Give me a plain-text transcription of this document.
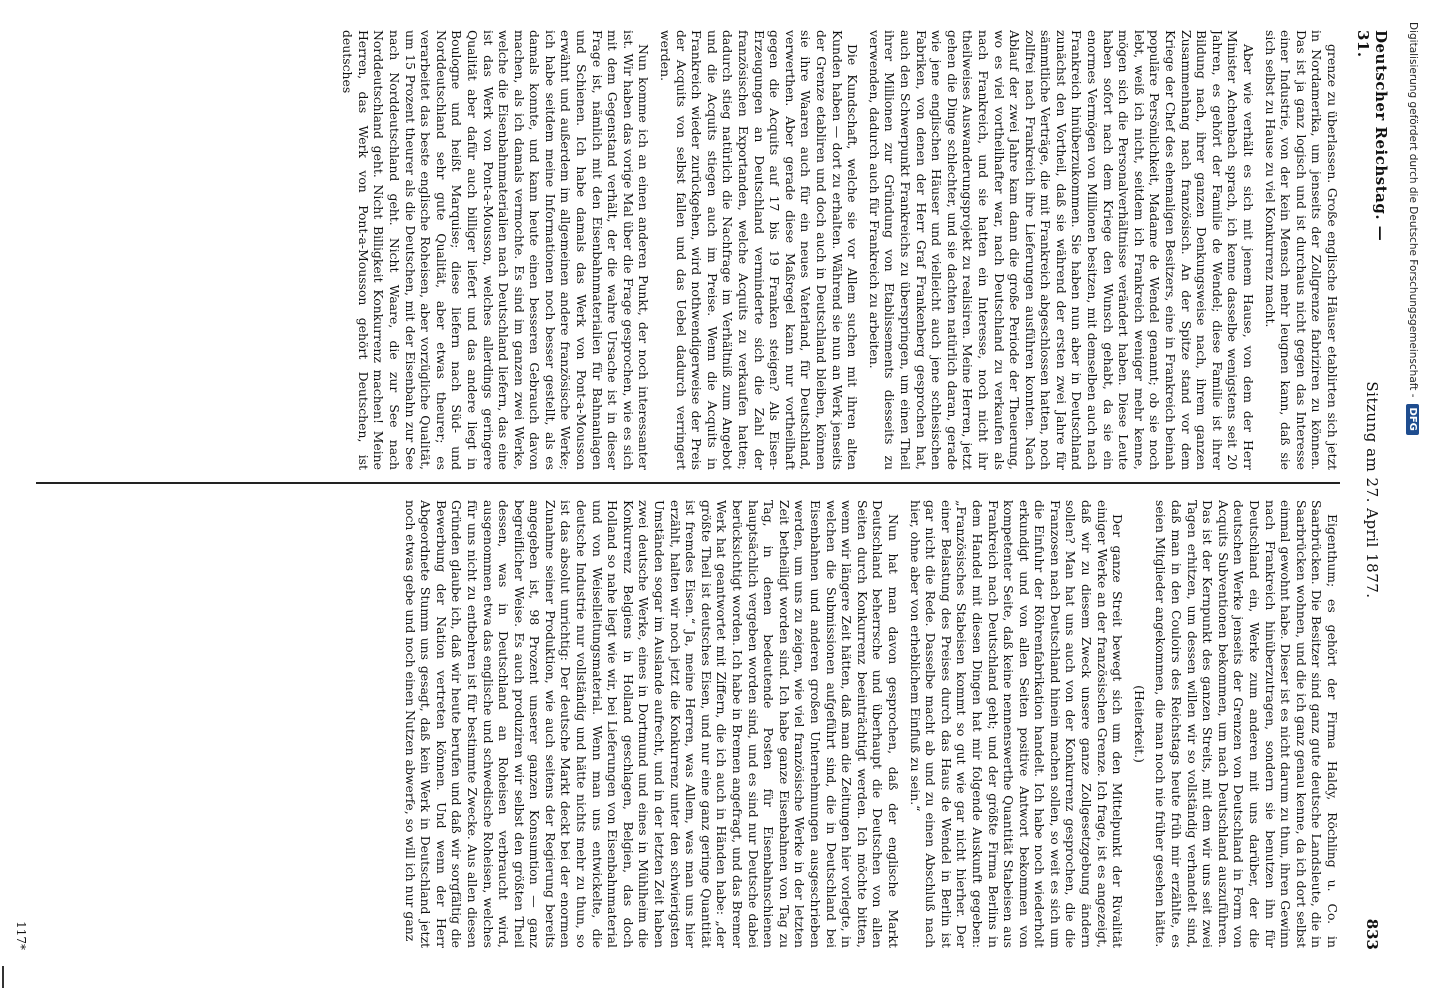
Deutscher Reichstag. — 31.
Sitzung am 27. April 1877.
833

grenze zu überlassen. Große englische Häuser etablirten sich jetzt in Nordamerika, um jenseits der Zollgrenze fabriziren zu können. Das ist ja ganz logisch und ist durchaus nicht gegen das Interesse einer Industrie, von der kein Mensch mehr leugnen kann, daß sie sich selbst zu Hause zu viel Konkurrenz macht.

Aber wie verhält es sich mit jenem Hause, von dem der Herr Minister Achenbach sprach, ich kenne dasselbe wenigstens seit 20 Jahren, es gehört der Familie de Wendel; diese Familie ist ihrer Bildung nach, ihrer ganzen Denkungsweise nach, ihrem ganzen Zusammenhang nach französisch. An der Spitze stand vor dem Kriege der Chef des ehemaligen Besitzers, eine in Frankreich beinah populäre Persönlichkeit, Madame de Wendel genannt; ob sie noch lebt, weiß ich nicht, seitdem ich Frankreich weniger mehr kenne, mögen sich die Personalverhältnisse verändert haben. Diese Leute haben sofort nach dem Kriege den Wunsch gehabt, da sie ein enormes Vermögen von Millionen besitzen, mit demselben auch nach Frankreich hinüberzukommen. Sie haben nun aber in Deutschland zunächst den Vortheil, daß sie während der ersten zwei Jahre für sämmtliche Verträge, die mit Frankreich abgeschlossen hatten, noch zollfrei nach Frankreich ihre Lieferungen ausführen konnten. Nach Ablauf der zwei Jahre kam dann die große Periode der Theuerung, wo es viel vortheilhafter war, nach Deutschland zu verkaufen als nach Frankreich, und sie hatten ein Interesse, noch nicht ihr theilweises Auswanderungsprojekt zu realisiren. Meine Herren, jetzt gehen die Dinge schlechter, und sie dachten natürlich daran, gerade wie jene englischen Häuser und vielleicht auch jene schlesischen Fabriken, von denen der Herr Graf Frankenberg gesprochen hat, auch den Schwerpunkt Frankreichs zu überspringen, um einen Theil ihrer Millionen zur Gründung von Etablissements diesseits zu verwenden, dadurch auch für Frankreich zu arbeiten.

Die Kundschaft, welche sie vor Allem suchen mit ihren alten Kunden haben — dort zu erhalten. Während sie nun an Werk jenseits der Grenze etabliren und doch auch in Deutschland bleiben, können sie ihre Waaren auch für ein neues Vaterland, für Deutschland, verwerthen. Aber gerade diese Maßregel kann nur vortheilhaft gegen die Acquits auf 17 bis 19 Franken steigen? Als Eisen-Erzeugungen an Deutschland verminderte sich die Zahl der französischen Exportanden, welche Acquits zu verkaufen hatten; dadurch stieg natürlich die Nachfrage im Verhältniß zum Angebot und die Acquits stiegen auch im Preise. Wenn die Acquits in Frankreich wieder zurückgehen, wird nothwendigerweise der Preis der Acquits von selbst fallen und das Uebel dadurch verringert werden.

Nun komme ich an einen anderen Punkt, der noch interessanter ist. Wir haben das vorige Mal über die Frage gesprochen, wie es sich mit dem Gegenstand verhält, der die wahre Ursache ist in dieser Frage ist, nämlich mit den Eisenbahnmaterialien für Bahnanlagen und Schienen. Ich habe damals das Werk von Pont-a-Mousson erwähnt und außerdem im allgemeinen andere französische Werke; ich habe seitdem meine Informationen noch besser gestellt, als es damals konnte, und kann heute einen besseren Gebrauch davon machen, als ich damals vermochte. Es sind im ganzen zwei Werke, welche die Eisenbahnmaterialien nach Deutschland liefern, das eine ist das Werk von Pont-a-Mousson, welches allerdings geringere Qualität aber dafür auch billiger liefert und das andere liegt in Boulogne und heißt Marquise; diese liefern nach Süd- und Norddeutschland sehr gute Qualität, aber etwas theurer; es verarbeitet das beste englische Roheisen, aber vorzügliche Qualität, um 15 Prozent theurer als die Deutschen, mit der Eisenbahn zur See nach Norddeutschland geht. Nicht Waare, die zur See nach Norddeutschland geht. Nicht Billigkeit Konkurrenz machen! Meine Herren, das Werk von Pont-a-Mousson gehört Deutschen, ist deutsches

Eigenthum; es gehört der Firma Haldy, Röchling u. Co. in Saarbrücken. Die Besitzer sind ganz gute deutsche Landsleute, die in Saarbrücken wohnen, und die ich ganz genau kenne, da ich dort selbst einmal gewohnt habe. Dieser ist es nicht darum zu thun, ihren Gewinn nach Frankreich hinüberzutragen, sondern sie benutzen ihn für Deutschland ein, Werke zum anderen mit uns darüber, der die deutschen Werke jenseits der Grenzen von Deutschland in Form von Acquits Subventionen bekommen, um nach Deutschland auszuführen. Das ist der Kernpunkt des ganzen Streits, mit dem wir uns seit zwei Tagen erhitzen, um dessen willen wir so vollständig verhandelt sind, daß man in den Couloirs des Reichstags heute früh mir erzählte, es seien Mitglieder angekommen, die man noch nie früher gesehen hätte.

(Heiterkeit.)

Der ganze Streit bewegt sich um den Mittelpunkt der Rivalität einiger Werke an der französischen Grenze. Ich frage, ist es angezeigt, daß wir zu diesem Zweck unsere ganze Zollgesetzgebung ändern sollen? Man hat uns auch von der Konkurrenz gesprochen, die die Franzosen nach Deutschland hinein machen sollen, so weit es sich um die Einfuhr der Röhrenfabrikation handelt. Ich habe noch wiederholt erkundigt und von allen Seiten positive Antwort bekommen von kompetenter Seite, daß keine nennenswerthe Quantität Stabeisen aus Frankreich nach Deutschland geht; und der größte Firma Berlins in dem Handel mit diesen Dingen hat mir folgende Auskunft gegeben: „Französisches Stabeisen kommt so gut wie gar nicht hierher. Der einer Belastung des Preises durch das Haus de Wendel in Berlin ist gar nicht die Rede. Dasselbe macht ab und zu einen Abschluß nach hier, ohne aber von erheblichem Einfluß zu sein.“

Nun hat man davon gesprochen, daß der englische Markt Deutschland beherrsche und überhaupt die Deutschen von allen Seiten durch Konkurrenz beeinträchtigt werden. Ich möchte bitten, wenn wir längere Zeit hätten, daß man die Zeitungen hier vorlegte, in welchen die Submissionen aufgeführt sind, die in Deutschland bei Eisenbahnen und anderen großen Unternehmungen ausgeschrieben werden, um uns zu zeigen, wie viel französische Werke in der letzten Zeit betheiligt worden sind. Ich habe ganze Eisenbahnen von Tag zu Tag, in denen bedeutende Posten für Eisenbahnschienen hauptsächlich vergeben worden sind, und es sind nur Deutsche dabei berücksichtigt worden. Ich habe in Bremen angefragt, und das Bremer Werk hat geantwortet mit Ziffern, die ich auch in Händen habe: „der größte Theil ist deutsches Eisen, und nur eine ganz geringe Quantität ist fremdes Eisen.“ Ja, meine Herren, was Allem, was man uns hier erzählt, halten wir noch jetzt die Konkurrenz unter den schwierigsten Umständen sogar im Auslande aufrecht, und in der letzten Zeit haben zwei deutsche Werke, eines in Dortmund und eines in Mühlheim die Konkurrenz Belgiens in Holland geschlagen, Belgien, das doch Holland so nahe liegt wie wir, bei Lieferungen von Eisenbahnmaterial und von Weiselleitungsmaterial. Wenn man uns entwickelte, die deutsche Industrie nur vollständig und hätte nichts mehr zu thun, so ist das absolut unrichtig: Der deutsche Markt deckt bei der enormen Zunahme seiner Produktion, wie auch seitens der Regierung bereits angegeben ist, 98 Prozent unserer ganzen Konsumtion — ganz begreiflicher Weise. Es auch produziren wir selbst den größten Theil dessen, was in Deutschland an Roheisen verbraucht wird, ausgenommen etwa das englische und schwedische Roheisen, welches für uns nicht zu entbehren ist für bestimmte Zwecke. Aus allen diesen Gründen glaube ich, daß wir heute berufen und daß wir sorgfältig die Bewerbung der Nation vertreten können. Und wenn der Herr Abgeordnete Stumm uns gesagt, daß kein Werk in Deutschland jetzt noch etwas gebe und noch einen Nutzen abwerfe, so will ich nur ganz

117*
Digitalisierung gefördert durch die Deutsche Forschungsgemeinschaft -
DFG
